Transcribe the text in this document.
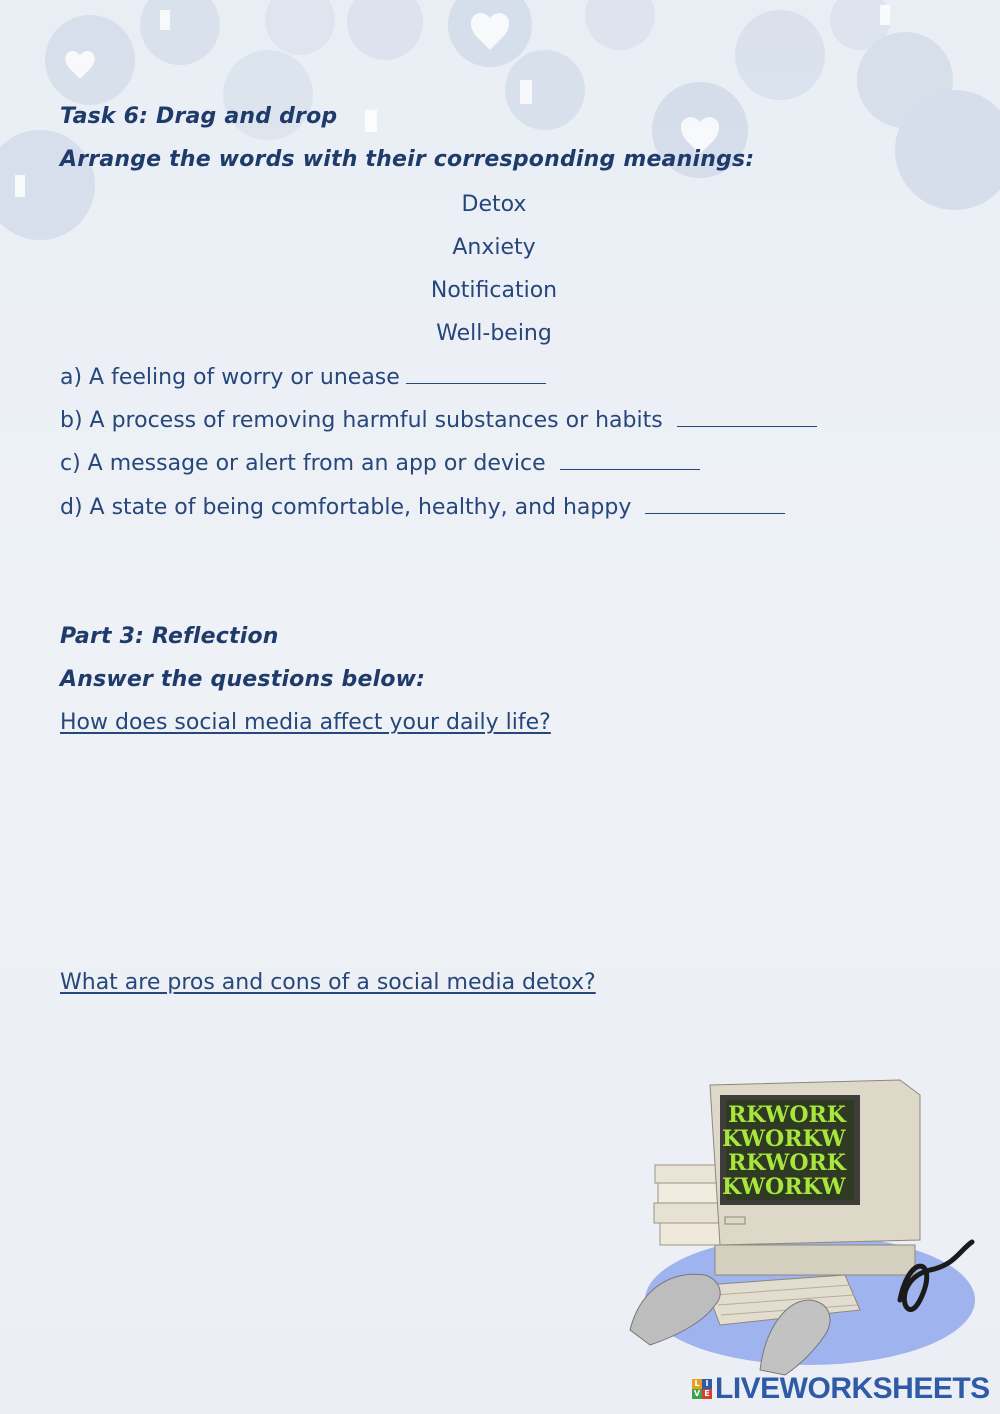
Task 6: Drag and drop
Arrange the words with their corresponding meanings:
Detox
Anxiety
Notification
Well-being
a) A feeling of worry or unease
b) A process of removing harmful substances or habits
c) A message or alert from an app or device
d) A state of being comfortable, healthy, and happy
Part 3: Reflection
Answer the questions below:
How does social media affect your daily life?
What are pros and cons of a social media detox?
RKWORK
KWORKW
RKWORK
KWORKW
L I
V E LIVEWORKSHEETS
